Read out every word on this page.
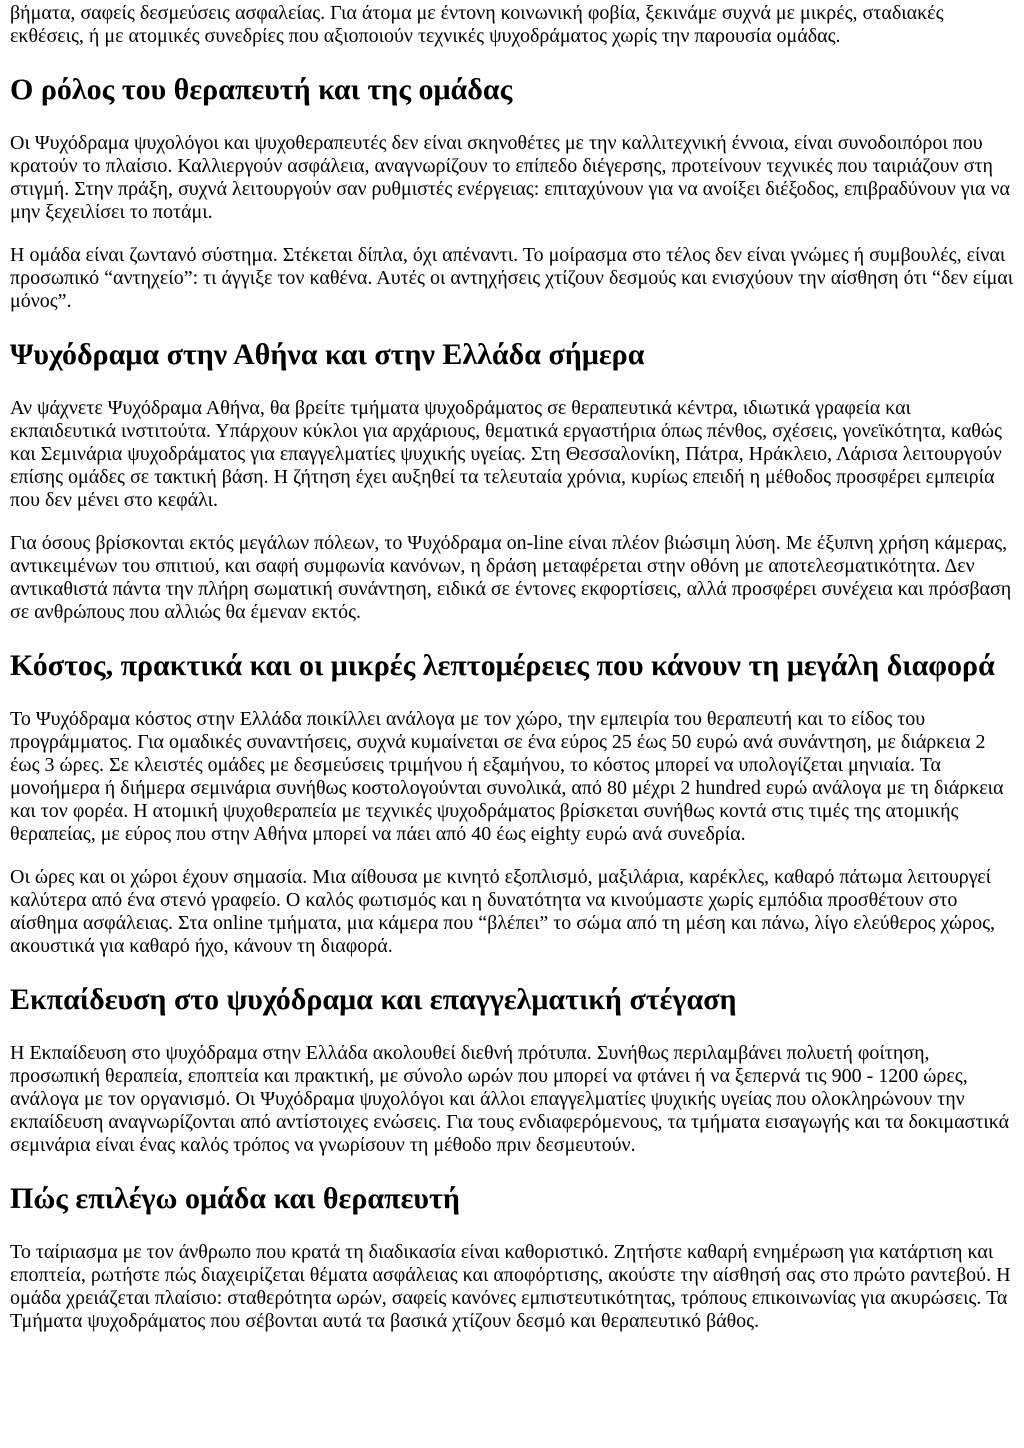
βήματα, σαφείς δεσμεύσεις ασφαλείας. Για άτομα με έντονη κοινωνική φοβία, ξεκινάμε συχνά με μικρές, σταδιακές εκθέσεις, ή με ατομικές συνεδρίες που αξιοποιούν τεχνικές ψυχοδράματος χωρίς την παρουσία ομάδας.

Ο ρόλος του θεραπευτή και της ομάδας

Οι Ψυχόδραμα ψυχολόγοι και ψυχοθεραπευτές δεν είναι σκηνοθέτες με την καλλιτεχνική έννοια, είναι συνοδοιπόροι που κρατούν το πλαίσιο. Καλλιεργούν ασφάλεια, αναγνωρίζουν το επίπεδο διέγερσης, προτείνουν τεχνικές που ταιριάζουν στη στιγμή. Στην πράξη, συχνά λειτουργούν σαν ρυθμιστές ενέργειας: επιταχύνουν για να ανοίξει διέξοδος, επιβραδύνουν για να μην ξεχειλίσει το ποτάμι.

Η ομάδα είναι ζωντανό σύστημα. Στέκεται δίπλα, όχι απέναντι. Το μοίρασμα στο τέλος δεν είναι γνώμες ή συμβουλές, είναι προσωπικό “αντηχείο”: τι άγγιξε τον καθένα. Αυτές οι αντηχήσεις χτίζουν δεσμούς και ενισχύουν την αίσθηση ότι “δεν είμαι μόνος”.

Ψυχόδραμα στην Αθήνα και στην Ελλάδα σήμερα

Αν ψάχνετε Ψυχόδραμα Αθήνα, θα βρείτε τμήματα ψυχοδράματος σε θεραπευτικά κέντρα, ιδιωτικά γραφεία και εκπαιδευτικά ινστιτούτα. Υπάρχουν κύκλοι για αρχάριους, θεματικά εργαστήρια όπως πένθος, σχέσεις, γονεϊκότητα, καθώς και Σεμινάρια ψυχοδράματος για επαγγελματίες ψυχικής υγείας. Στη Θεσσαλονίκη, Πάτρα, Ηράκλειο, Λάρισα λειτουργούν επίσης ομάδες σε τακτική βάση. Η ζήτηση έχει αυξηθεί τα τελευταία χρόνια, κυρίως επειδή η μέθοδος προσφέρει εμπειρία που δεν μένει στο κεφάλι.

Για όσους βρίσκονται εκτός μεγάλων πόλεων, το Ψυχόδραμα on-line είναι πλέον βιώσιμη λύση. Με έξυπνη χρήση κάμερας, αντικειμένων του σπιτιού, και σαφή συμφωνία κανόνων, η δράση μεταφέρεται στην οθόνη με αποτελεσματικότητα. Δεν αντικαθιστά πάντα την πλήρη σωματική συνάντηση, ειδικά σε έντονες εκφορτίσεις, αλλά προσφέρει συνέχεια και πρόσβαση σε ανθρώπους που αλλιώς θα έμεναν εκτός.

Κόστος, πρακτικά και οι μικρές λεπτομέρειες που κάνουν τη μεγάλη διαφορά

Το Ψυχόδραμα κόστος στην Ελλάδα ποικίλλει ανάλογα με τον χώρο, την εμπειρία του θεραπευτή και το είδος του προγράμματος. Για ομαδικές συναντήσεις, συχνά κυμαίνεται σε ένα εύρος 25 έως 50 ευρώ ανά συνάντηση, με διάρκεια 2 έως 3 ώρες. Σε κλειστές ομάδες με δεσμεύσεις τριμήνου ή εξαμήνου, το κόστος μπορεί να υπολογίζεται μηνιαία. Τα μονοήμερα ή διήμερα σεμινάρια συνήθως κοστολογούνται συνολικά, από 80 μέχρι 2 hundred ευρώ ανάλογα με τη διάρκεια και τον φορέα. Η ατομική ψυχοθεραπεία με τεχνικές ψυχοδράματος βρίσκεται συνήθως κοντά στις τιμές της ατομικής θεραπείας, με εύρος που στην Αθήνα μπορεί να πάει από 40 έως eighty ευρώ ανά συνεδρία.

Οι ώρες και οι χώροι έχουν σημασία. Μια αίθουσα με κινητό εξοπλισμό, μαξιλάρια, καρέκλες, καθαρό πάτωμα λειτουργεί καλύτερα από ένα στενό γραφείο. Ο καλός φωτισμός και η δυνατότητα να κινούμαστε χωρίς εμπόδια προσθέτουν στο αίσθημα ασφάλειας. Στα online τμήματα, μια κάμερα που “βλέπει” το σώμα από τη μέση και πάνω, λίγο ελεύθερος χώρος, ακουστικά για καθαρό ήχο, κάνουν τη διαφορά.

Εκπαίδευση στο ψυχόδραμα και επαγγελματική στέγαση

Η Εκπαίδευση στο ψυχόδραμα στην Ελλάδα ακολουθεί διεθνή πρότυπα. Συνήθως περιλαμβάνει πολυετή φοίτηση, προσωπική θεραπεία, εποπτεία και πρακτική, με σύνολο ωρών που μπορεί να φτάνει ή να ξεπερνά τις 900 - 1200 ώρες, ανάλογα με τον οργανισμό. Οι Ψυχόδραμα ψυχολόγοι και άλλοι επαγγελματίες ψυχικής υγείας που ολοκληρώνουν την εκπαίδευση αναγνωρίζονται από αντίστοιχες ενώσεις. Για τους ενδιαφερόμενους, τα τμήματα εισαγωγής και τα δοκιμαστικά σεμινάρια είναι ένας καλός τρόπος να γνωρίσουν τη μέθοδο πριν δεσμευτούν.

Πώς επιλέγω ομάδα και θεραπευτή

Το ταίριασμα με τον άνθρωπο που κρατά τη διαδικασία είναι καθοριστικό. Ζητήστε καθαρή ενημέρωση για κατάρτιση και εποπτεία, ρωτήστε πώς διαχειρίζεται θέματα ασφάλειας και αποφόρτισης, ακούστε την αίσθησή σας στο πρώτο ραντεβού. Η ομάδα χρειάζεται πλαίσιο: σταθερότητα ωρών, σαφείς κανόνες εμπιστευτικότητας, τρόπους επικοινωνίας για ακυρώσεις. Τα Τμήματα ψυχοδράματος που σέβονται αυτά τα βασικά χτίζουν δεσμό και θεραπευτικό βάθος.
